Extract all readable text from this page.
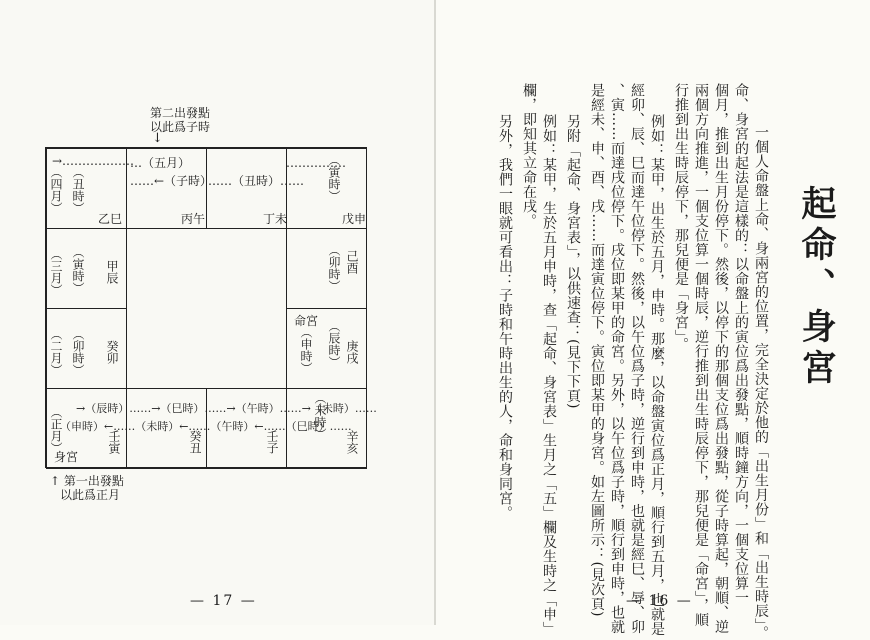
起命、身宮
一個人命盤上命、身兩宮的位置，完全決定於他的「出生月份」和「出生時辰」。
命、身宮的起法是這樣的：以命盤上的寅位爲出發點，順時鐘方向，一個支位算一
個月，推到出生月份停下。然後，以停下的那個支位爲出發點，從子時算起，朝順、逆
兩個方向推進，一個支位算一個時辰，逆行推到出生時辰停下，那兒便是「命宮」，順
行推到出生時辰停下，那兒便是「身宮」。
例如：某甲，出生於五月，申時。那麼，以命盤寅位爲正月，順行到五月，也就是
經卯、辰、巳而達午位停下。然後，以午位爲子時，逆行到申時，也就是經巳、辱、卯
、寅……而達戌位停下。戌位即某甲的命宮。另外，以午位爲子時，順行到申時，也就
是經未、申、酉、戌……而達寅位停下。寅位即某甲的身宮。如左圖所示：(見次頁)
另附「起命、身宮表」，以供速查：(見下下頁)
例如：某甲，生於五月申時，查「起命、身宮表」生月之「五」欄及生時之「申」
欄，即知其立命在戌。
另外，我們一眼就可看出：子時和午時出生的人，命和身同宮。
— 16 —
第二出發點
以此爲子時
↓
乙巳	丙午	丁未	戊申
甲辰	己酉
癸卯	庚戌
壬寅	癸丑	壬子	辛亥
命宮
（申時）
身宮
→………………
…（五月）
……←（子時）
……（丑時）……
……………
（寅時）
（卯時）
（辰時）
（未時）
（四月） （丑時）
（三月） （寅時）
（二月） （卯時）
（正月） →（辰時）……→（巳時）……→（午時）……→（未時）……
（申時）←……（未時）←……（午時）←……（巳時）……
↑ 第一出發點
以此爲正月
— 17 —
